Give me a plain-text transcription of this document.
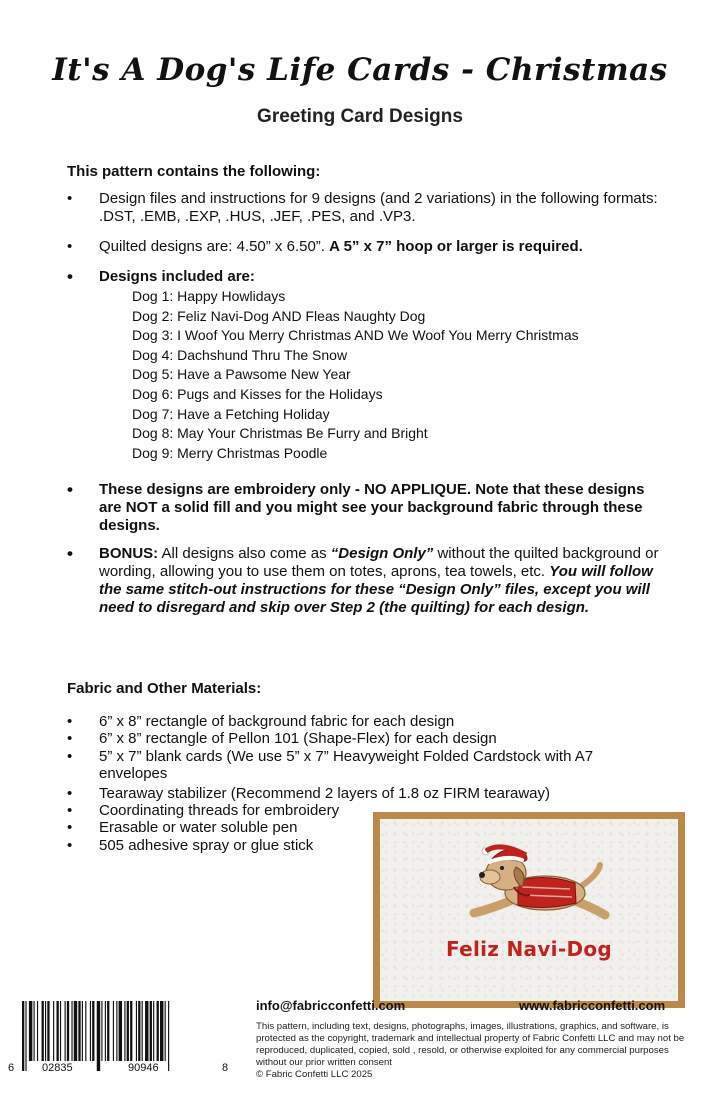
It's A Dog's Life Cards - Christmas
Greeting Card Designs
This pattern contains the following:
• Design files and instructions for 9 designs (and 2 variations) in the following formats: .DST, .EMB, .EXP, .HUS, .JEF, .PES, and .VP3.
• Quilted designs are: 4.50” x 6.50”. A 5” x 7” hoop or larger is required.
• Designs included are:
Dog 1: Happy Howlidays
Dog 2: Feliz Navi-Dog AND Fleas Naughty Dog
Dog 3: I Woof You Merry Christmas AND We Woof You Merry Christmas
Dog 4: Dachshund Thru The Snow
Dog 5: Have a Pawsome New Year
Dog 6: Pugs and Kisses for the Holidays
Dog 7: Have a Fetching Holiday
Dog 8: May Your Christmas Be Furry and Bright
Dog 9: Merry Christmas Poodle
• These designs are embroidery only - NO APPLIQUE. Note that these designs are NOT a solid fill and you might see your background fabric through these designs.
• BONUS: All designs also come as “Design Only” without the quilted background or wording, allowing you to use them on totes, aprons, tea towels, etc. You will follow the same stitch-out instructions for these “Design Only” files, except you will need to disregard and skip over Step 2 (the quilting) for each design.
Fabric and Other Materials:
• 6” x 8” rectangle of background fabric for each design
• 6” x 8” rectangle of Pellon 101 (Shape-Flex) for each design
• 5” x 7” blank cards (We use 5” x 7” Heavyweight Folded Cardstock with A7 envelopes
• Tearaway stabilizer (Recommend 2 layers of 1.8 oz FIRM tearaway)
• Coordinating threads for embroidery
• Erasable or water soluble pen
• 505 adhesive spray or glue stick
Feliz Navi-Dog
6	02835	90946	8
info@fabricconfetti.com	www.fabricconfetti.com
This pattern, including text, designs, photographs, images, illustrations, graphics, and software, is protected as the copyright, trademark and intellectual property of Fabric Confetti LLC and may not be reproduced, duplicated, copied, sold , resold, or otherwise exploited for any commercial purposes without our prior written consent
© Fabric Confetti LLC 2025
